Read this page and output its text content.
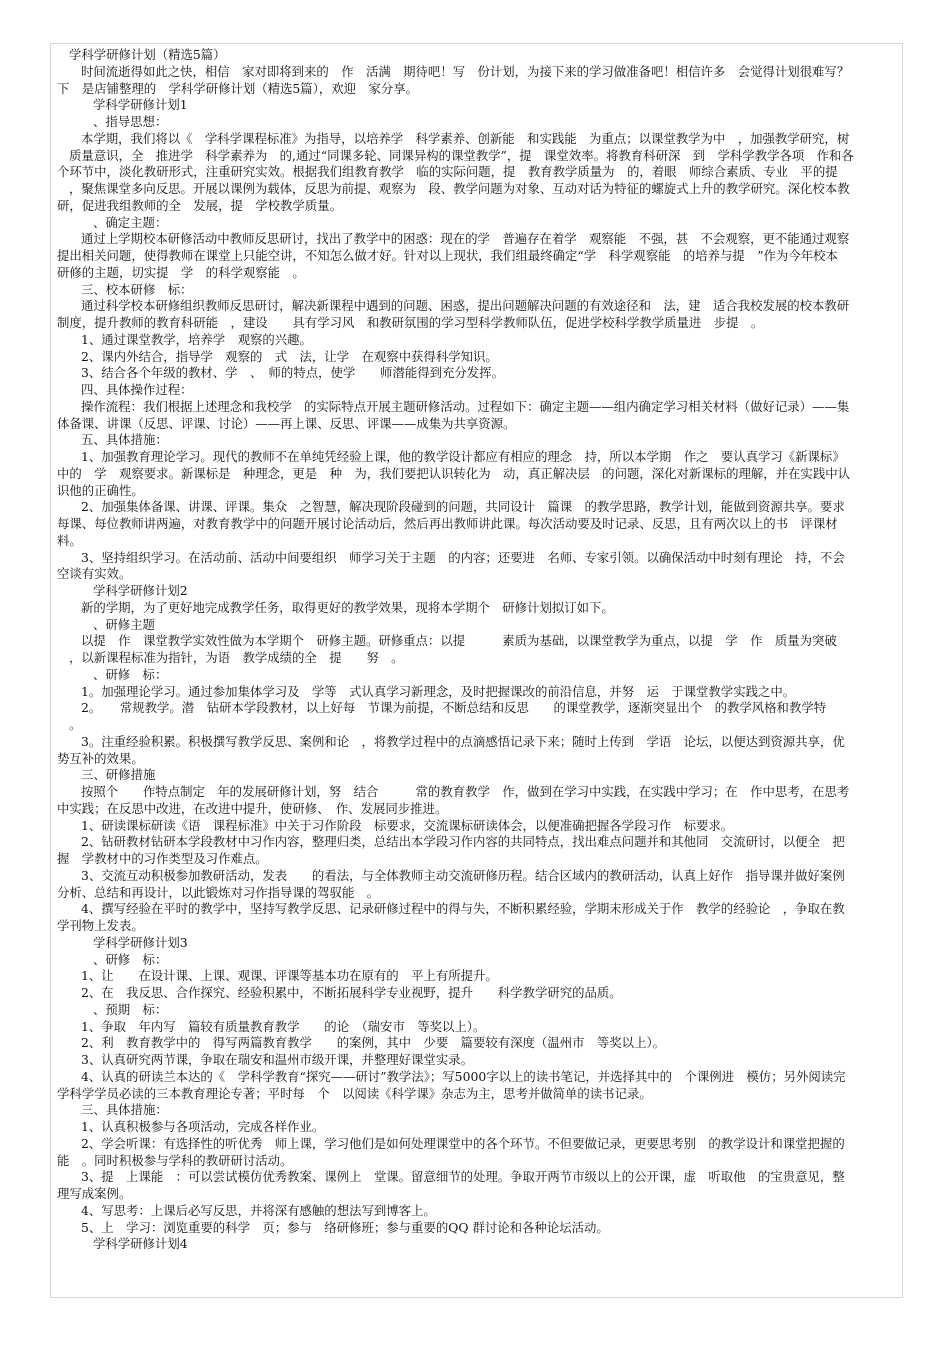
学科学研修计划（精选5篇）
时间流逝得如此之快，相信　家对即将到来的　作　活满　期待吧！写　份计划，为接下来的学习做准备吧！相信许多　会觉得计划很难写？
下　是店铺整理的　学科学研修计划（精选5篇），欢迎　家分享。
学科学研修计划1
、指导思想：
本学期，我们将以《　学科学课程标准》为指导，以培养学　科学素养、创新能　和实践能　为重点；以课堂教学为中　，加强教学研究，树
质量意识，全　推进学　科学素养为　的,通过“同课多轮、同课异构的课堂教学”，提　课堂效率。将教育科研深　到　学科学教学各项　作和各
个环节中，淡化教研形式，注重研究实效。根据我们组教育教学　临的实际问题，提　教育教学质量为　的，着眼　师综合素质、专业　平的提
，聚焦课堂多向反思。开展以课例为载体，反思为前提、观察为　段、教学问题为对象、互动对话为特征的螺旋式上升的教学研究。深化校本教
研，促进我组教师的全　发展，提　学校教学质量。
、确定主题：
通过上学期校本研修活动中教师反思研讨，找出了教学中的困惑：现在的学　普遍存在着学　观察能　不强，甚　不会观察，更不能通过观察
提出相关问题，使得教师在课堂上只能空讲，不知怎么做才好。针对以上现状，我们组最终确定“学　科学观察能　的培养与提　”作为今年校本
研修的主题，切实提　学　的科学观察能　。
三、校本研修　标：
通过科学校本研修组织教师反思研讨，解决新课程中遇到的问题、困惑，提出问题解决问题的有效途径和　法，建　适合我校发展的校本教研
制度，提升教师的教育科研能　，建设　　具有学习风　和教研氛围的学习型科学教师队伍，促进学校科学教学质量进　步提　。
1、通过课堂教学，培养学　观察的兴趣。
2、课内外结合，指导学　观察的　式　法，让学　在观察中获得科学知识。
3、结合各个年级的教材、学　、　师的特点，使学　　师潜能得到充分发挥。
四、具体操作过程：
操作流程：我们根据上述理念和我校学　的实际特点开展主题研修活动。过程如下：确定主题——组内确定学习相关材料（做好记录）——集
体备课、讲课（反思、评课、讨论）——再上课、反思、评课——成集为共享资源。
五、具体措施：
1、加强教育理论学习。现代的教师不在单纯凭经验上课，他的教学设计都应有相应的理念　持，所以本学期　作之　要认真学习《新课标》
中的　学　观察要求。新课标是　种理念，更是　种　为，我们要把认识转化为　动，真正解决层　的问题，深化对新课标的理解，并在实践中认
识他的正确性。
2、加强集体备课、讲课、评课。集众　之智慧，解决现阶段碰到的问题，共同设计　篇课　的教学思路，教学计划，能做到资源共享。要求
每课、每位教师讲两遍，对教育教学中的问题开展讨论活动后，然后再出教师讲此课。每次活动要及时记录、反思，且有两次以上的书　评课材
料。
3、坚持组织学习。在活动前、活动中间要组织　师学习关于主题　的内容；还要进　名师、专家引领。以确保活动中时刻有理论　持，不会
空谈有实效。
学科学研修计划2
新的学期，为了更好地完成教学任务，取得更好的教学效果，现将本学期个　研修计划拟订如下。
、研修主题
以提　作　课堂教学实效性做为本学期个　研修主题。研修重点：以提　　　素质为基础，以课堂教学为重点，以提　学　作　质量为突破
，以新课程标准为指针，为语　教学成绩的全　提　　努　。
、研修　标：
1。加强理论学习。通过参加集体学习及　学等　式认真学习新理念，及时把握课改的前沿信息，并努　运　于课堂教学实践之中。
2。　　常规教学。潜　钻研本学段教材，以上好每　节课为前提，不断总结和反思　　的课堂教学，逐渐突显出个　的教学风格和教学特
。
3。注重经验积累。积极撰写教学反思、案例和论　，将教学过程中的点滴感悟记录下来；随时上传到　学语　论坛，以便达到资源共享，优
势互补的效果。
三、研修措施
按照个　　作特点制定　年的发展研修计划，努　结合　　　常的教育教学　作，做到在学习中实践，在实践中学习；在　作中思考，在思考
中实践；在反思中改进，在改进中提升，使研修、　作、发展同步推进。
1、研读课标研读《语　课程标准》中关于习作阶段　标要求，交流课标研读体会，以便准确把握各学段习作　标要求。
2、钻研教材钻研本学段教材中习作内容，整理归类，总结出本学段习作内容的共同特点，找出难点问题并和其他同　交流研讨，以便全　把
握　学教材中的习作类型及习作难点。
3、交流互动积极参加教研活动，发表　　的看法，与全体教师主动交流研修历程。结合区域内的教研活动，认真上好作　指导课并做好案例
分析、总结和再设计，以此锻炼对习作指导课的驾驭能　。
4、撰写经验在平时的教学中，坚持写教学反思、记录研修过程中的得与失，不断积累经验，学期末形成关于作　教学的经验论　，争取在教
学刊物上发表。
学科学研修计划3
、研修　标：
1、让　　在设计课、上课、观课、评课等基本功在原有的　平上有所提升。
2、在　我反思、合作探究、经验积累中，不断拓展科学专业视野，提升　　科学教学研究的品质。
、预期　标：
1、争取　年内写　篇较有质量教育教学　　的论　（瑞安市　等奖以上）。
2、利　教育教学中的　得写两篇教育教学　　的案例，其中　少要　篇要较有深度（温州市　等奖以上）。
3、认真研究两节课，争取在瑞安和温州市级开课，并整理好课堂实录。
4、认真的研读兰本达的《　学科学教育“探究——研讨”教学法》；写5000字以上的读书笔记，并选择其中的　个课例进　模仿；另外阅读完
学科学学员必读的三本教育理论专著；平时每　个　以阅读《科学课》杂志为主，思考并做简单的读书记录。
三、具体措施：
1、认真积极参与各项活动，完成各样作业。
2、学会听课：有选择性的听优秀　师上课，学习他们是如何处理课堂中的各个环节。不但要做记录，更要思考别　的教学设计和课堂把握的
能　。同时积极参与学科的教研研讨活动。
3、提　上课能　：可以尝试模仿优秀教案、课例上　堂课。留意细节的处理。争取开两节市级以上的公开课，虚　听取他　的宝贵意见，整
理写成案例。
4、写思考：上课后必写反思，并将深有感触的想法写到博客上。
5、上　学习：浏览重要的科学　页；参与　络研修班；参与重要的QQ 群讨论和各种论坛活动。
学科学研修计划4
